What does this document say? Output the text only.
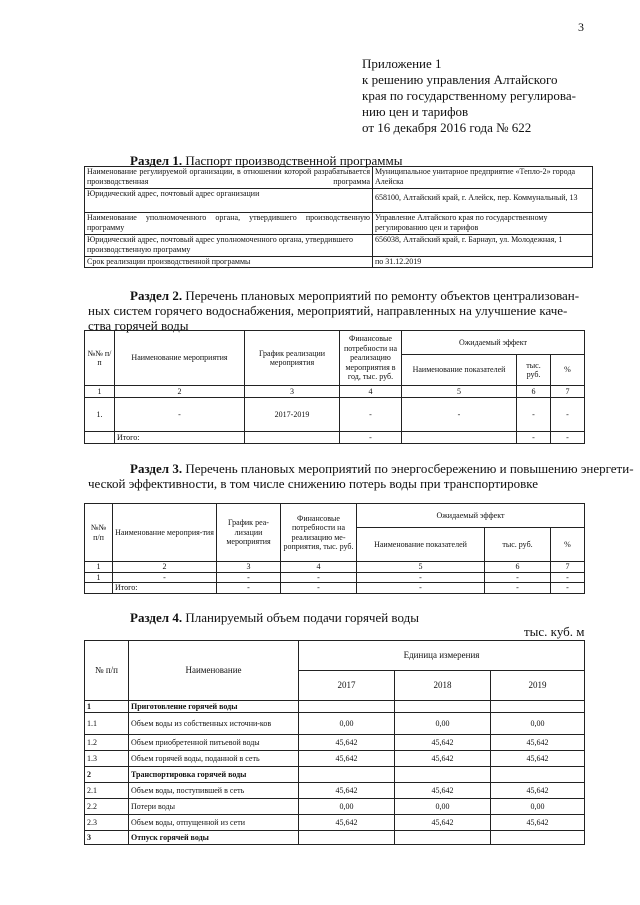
3
Приложение 1
к решению управления Алтайского
края по государственному регулирова-
нию цен и тарифов
от 16 декабря 2016 года № 622
Раздел 1. Паспорт производственной программы
Наименование регулируемой организации, в отношении которой разрабатывается производственная программа	Муниципальное унитарное предприятие «Тепло-2» города Алейска
Юридический адрес, почтовый адрес организации	658100, Алтайский край, г. Алейск, пер. Коммунальный, 13
Наименование уполномоченного органа, утвердившего производственную программу	Управление Алтайского края по государственному регулированию цен и тарифов
Юридический адрес, почтовый адрес уполномоченного органа, утвердившего производственную программу	656038, Алтайский край, г. Барнаул, ул. Молодежная, 1
Срок реализации производственной программы	по 31.12.2019
Раздел 2. Перечень плановых мероприятий по ремонту объектов централизован-
ных систем горячего водоснабжения, мероприятий, направленных на улучшение каче-
ства горячей воды
№№ п/п	Наименование мероприятия	График реализации мероприятия	Финансовые потребности на реализацию мероприятия в год, тыс. руб.	Ожидаемый эффект		
				Наименование показателей	тыс. руб.	%
1	2	3	4	5	6	7
1.	-	2017-2019	-	-	-	-
	Итого:		-		-	-
Раздел 3. Перечень плановых мероприятий по энергосбережению и повышению энергети-
ческой эффективности, в том числе снижению потерь воды при транспортировке
№№ п/п	Наименование мероприя-тия	График реа-лизации мероприятия	Финансовые потребности на реализацию ме-роприятия, тыс. руб.	Ожидаемый эффект		
				Наименование показателей	тыс. руб.	%
1	2	3	4	5	6	7
1	-	-	-	-	-	-
	Итого:	-	-	-	-	-
Раздел 4. Планируемый объем подачи горячей воды
тыс. куб. м
№ п/п	Наименование	Единица измерения		
		2017	2018	2019
1	Приготовление горячей воды			
1.1	Объем воды из собственных источни-ков	0,00	0,00	0,00
1.2	Объем приобретенной питьевой воды	45,642	45,642	45,642
1.3	Объем горячей воды, поданной в сеть	45,642	45,642	45,642
2	Транспортировка горячей воды			
2.1	Объем воды, поступившей в сеть	45,642	45,642	45,642
2.2	Потери воды	0,00	0,00	0,00
2.3	Объем воды, отпущенной из сети	45,642	45,642	45,642
3	Отпуск горячей воды			
